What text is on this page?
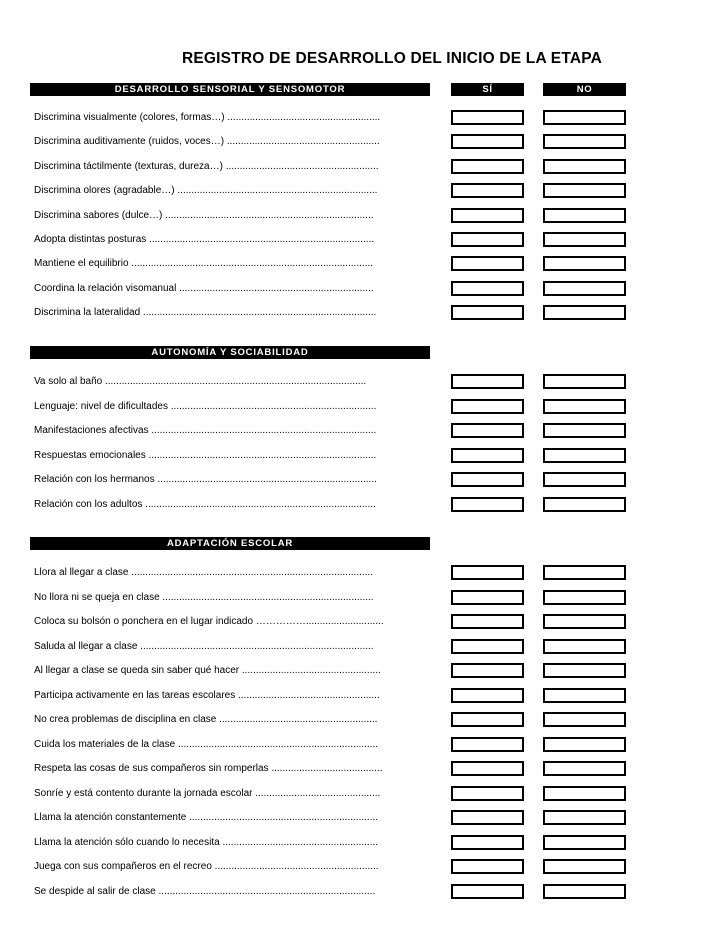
REGISTRO DE DESARROLLO DEL INICIO DE LA ETAPA
DESARROLLO SENSORIAL Y SENSOMOTOR	SÍ	NO
Discrimina visualmente (colores, formas…) .......................................................
Discrimina auditivamente (ruidos, voces…) .......................................................
Discrimina táctilmente (texturas, dureza…) .......................................................
Discrimina olores (agradable…) ........................................................................
Discrimina sabores (dulce…) ...........................................................................
Adopta distintas posturas .................................................................................
Mantiene el equilibrio .......................................................................................
Coordina la relación visomanual ......................................................................
Discrimina la lateralidad ....................................................................................
AUTONOMÍA Y SOCIABILIDAD
Va solo al baño ..............................................................................................
Lenguaje: nivel de dificultades ..........................................................................
Manifestaciones afectivas .................................................................................
Respuestas emocionales ..................................................................................
Relación con los hermanos ...............................................................................
Relación con los adultos ...................................................................................
ADAPTACIÓN ESCOLAR
Llora al llegar a clase .......................................................................................
No llora ni se queja en clase ............................................................................
Coloca su bolsón o ponchera en el lugar indicado ……………............................
Saluda al llegar a clase ....................................................................................
Al llegar a clase se queda sin saber qué hacer ..................................................
Participa activamente en las tareas escolares ...................................................
No crea problemas de disciplina en clase .........................................................
Cuida los materiales de la clase ........................................................................
Respeta las cosas de sus compañeros sin romperlas ........................................
Sonríe y está contento durante la jornada escolar .............................................
Llama la atención constantemente ....................................................................
Llama la atención sólo cuando lo necesita ........................................................
Juega con sus compañeros en el recreo ...........................................................
Se despide al salir de clase ..............................................................................
